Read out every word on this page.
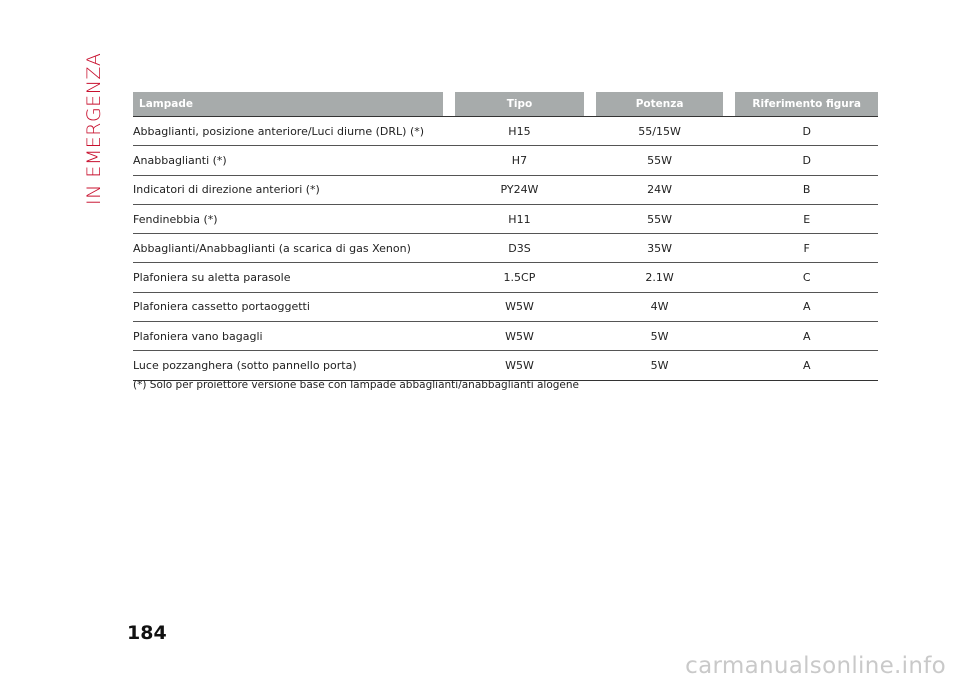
IN EMERGENZA	Lampade	Tipo	Potenza	Riferimento figura
Abbaglianti, posizione anteriore/Luci diurne (DRL) (*)	H15	55/15W	D
Anabbaglianti (*)	H7	55W	D
Indicatori di direzione anteriori (*)	PY24W	24W	B
Fendinebbia (*)	H11	55W	E
Abbaglianti/Anabbaglianti (a scarica di gas Xenon)	D3S	35W	F
Plafoniera su aletta parasole	1.5CP	2.1W	C
Plafoniera cassetto portaoggetti	W5W	4W	A
Plafoniera vano bagagli	W5W	5W	A
Luce pozzanghera (sotto pannello porta)	W5W	5W	A
(*) Solo per proiettore versione base con lampade abbaglianti/anabbaglianti alogene
184
carmanualsonline.info
